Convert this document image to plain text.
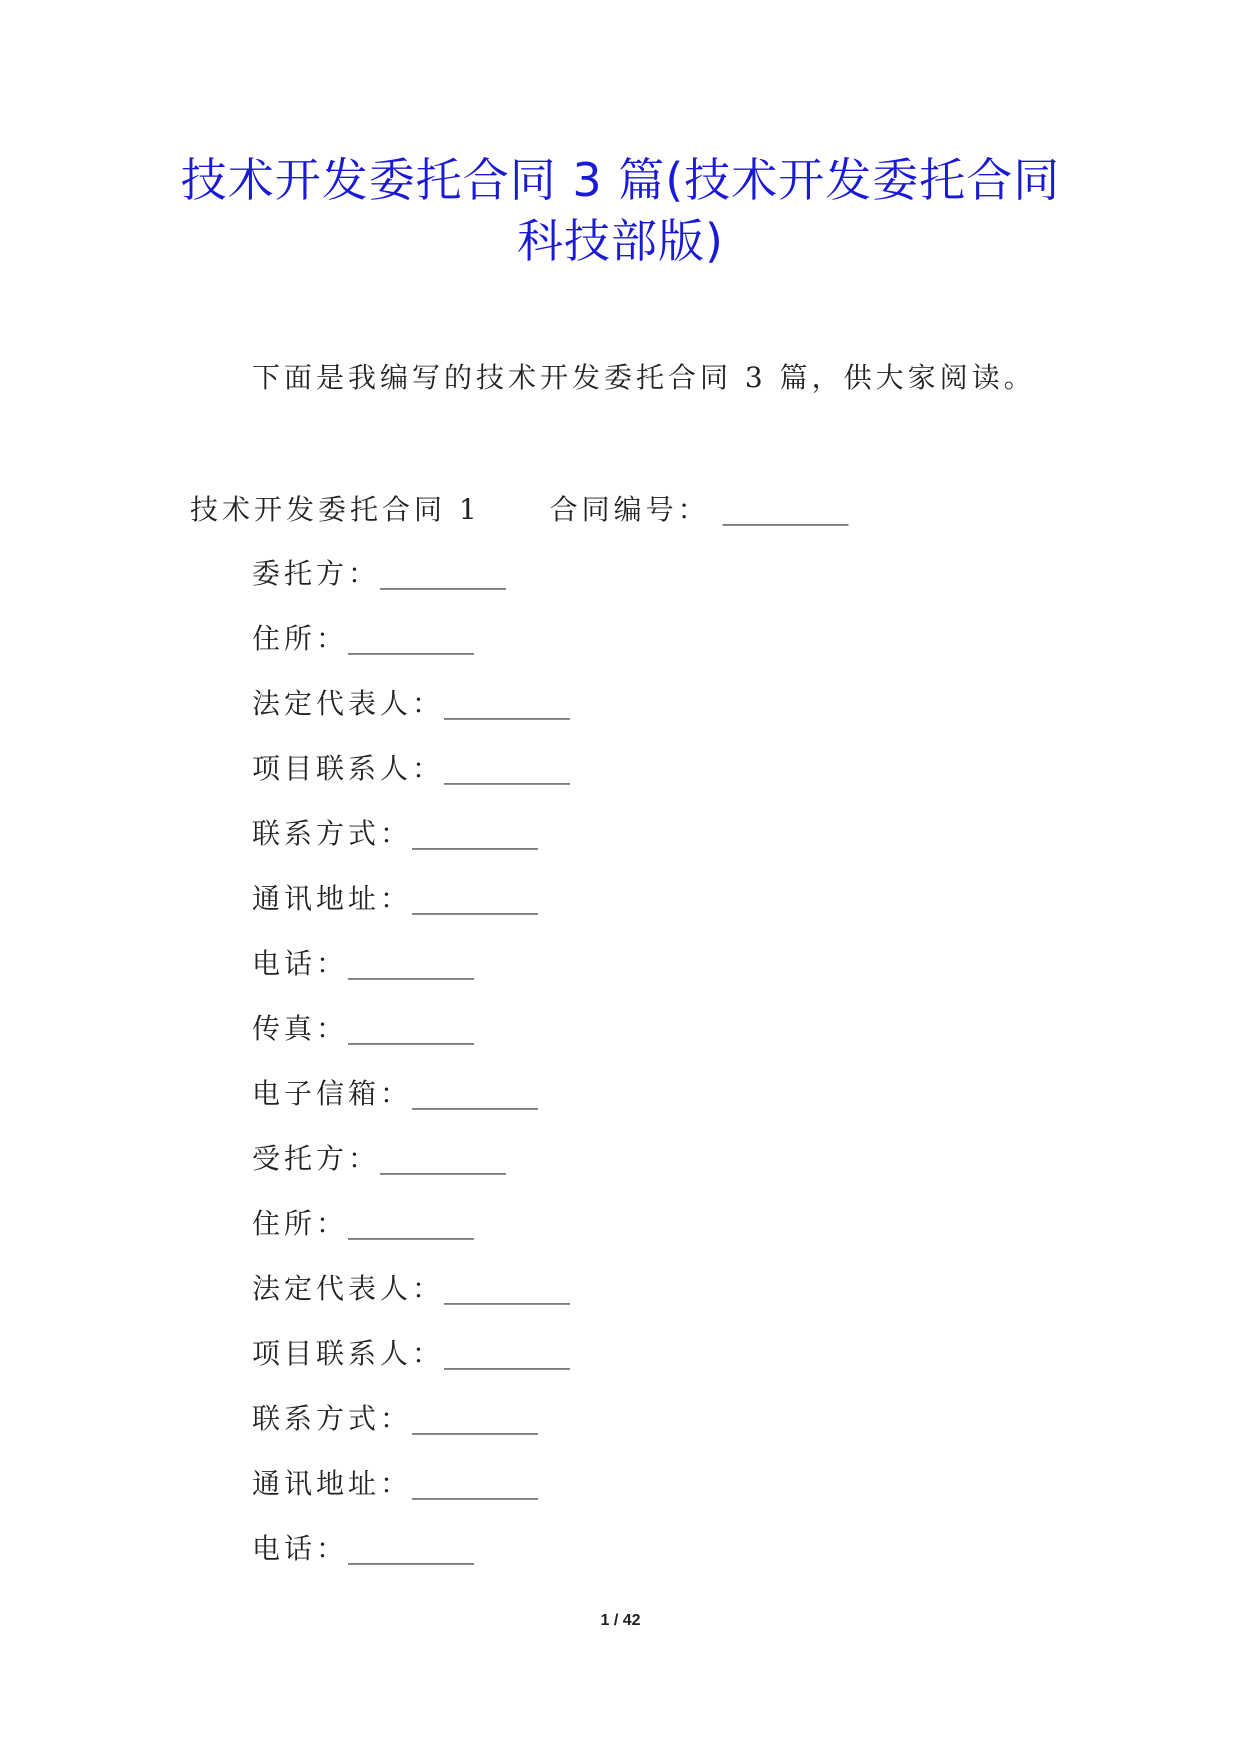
技术开发委托合同 3 篇(技术开发委托合同
科技部版)
下面是我编写的技术开发委托合同 3 篇，供大家阅读。
技术开发委托合同 1 合同编号： _________
委托方：_________
住所：_________
法定代表人：_________
项目联系人：_________
联系方式：_________
通讯地址：_________
电话：_________
传真：_________
电子信箱：_________
受托方：_________
住所：_________
法定代表人：_________
项目联系人：_________
联系方式：_________
通讯地址：_________
电话：_________
1 / 42
